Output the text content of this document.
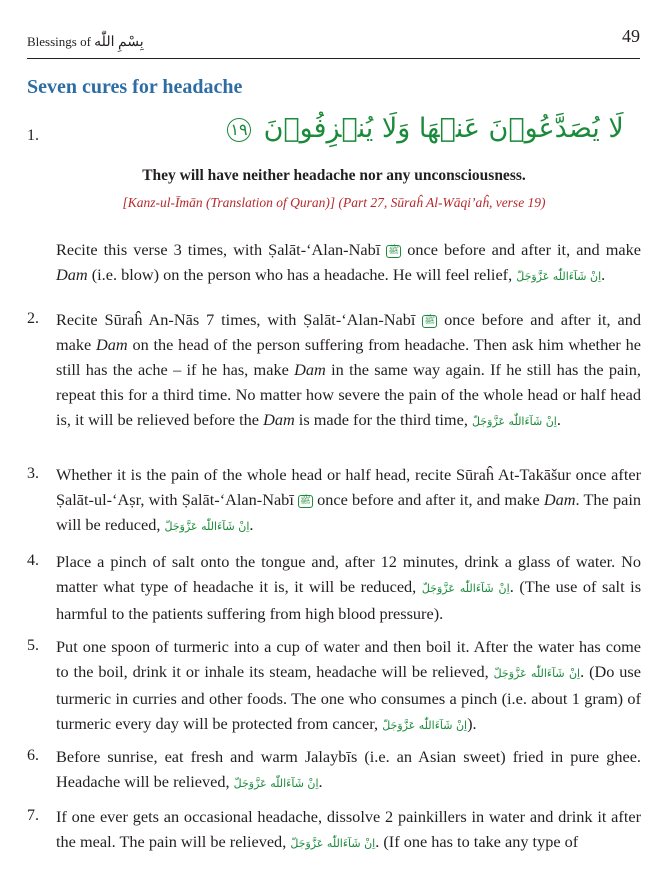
Blessings of بِسْمِ اللّٰه	49
Seven cures for headache
1.	لَا یُصَدَّعُوۡنَ عَنۡهَا وَلَا یُنۡزِفُوۡنَ ١٩
They will have neither headache nor any unconsciousness.
[Kanz-ul-Īmān (Translation of Quran)] (Part 27, Sūraĥ Al-Wāqi’aĥ, verse 19)
Recite this verse 3 times, with Ṣalāt-‘Alan-Nabī ﷺ once before and after it, and make Dam (i.e. blow) on the person who has a headache. He will feel relief, اِنْ شَآءَاللّٰه عَزَّوَجَلّ.
2. Recite Sūraĥ An-Nās 7 times, with Ṣalāt-‘Alan-Nabī ﷺ once before and after it, and make Dam on the head of the person suffering from headache. Then ask him whether he still has the ache – if he has, make Dam in the same way again. If he still has the pain, repeat this for a third time. No matter how severe the pain of the whole head or half head is, it will be relieved before the Dam is made for the third time, اِنْ شَآءَاللّٰه عَزَّوَجَلّ.
3. Whether it is the pain of the whole head or half head, recite Sūraĥ At-Takāšur once after Ṣalāt-ul-‘Aṣr, with Ṣalāt-‘Alan-Nabī ﷺ once before and after it, and make Dam. The pain will be reduced, اِنْ شَآءَاللّٰه عَزَّوَجَلّ.
4. Place a pinch of salt onto the tongue and, after 12 minutes, drink a glass of water. No matter what type of headache it is, it will be reduced, اِنْ شَآءَاللّٰه عَزَّوَجَلّ. (The use of salt is harmful to the patients suffering from high blood pressure).
5. Put one spoon of turmeric into a cup of water and then boil it. After the water has come to the boil, drink it or inhale its steam, headache will be relieved, اِنْ شَآءَاللّٰه عَزَّوَجَلّ. (Do use turmeric in curries and other foods. The one who consumes a pinch (i.e. about 1 gram) of turmeric every day will be protected from cancer, اِنْ شَآءَاللّٰه عَزَّوَجَلّ).
6. Before sunrise, eat fresh and warm Jalaybīs (i.e. an Asian sweet) fried in pure ghee. Headache will be relieved, اِنْ شَآءَاللّٰه عَزَّوَجَلّ.
7. If one ever gets an occasional headache, dissolve 2 painkillers in water and drink it after the meal. The pain will be relieved, اِنْ شَآءَاللّٰه عَزَّوَجَلّ. (If one has to take any type of
